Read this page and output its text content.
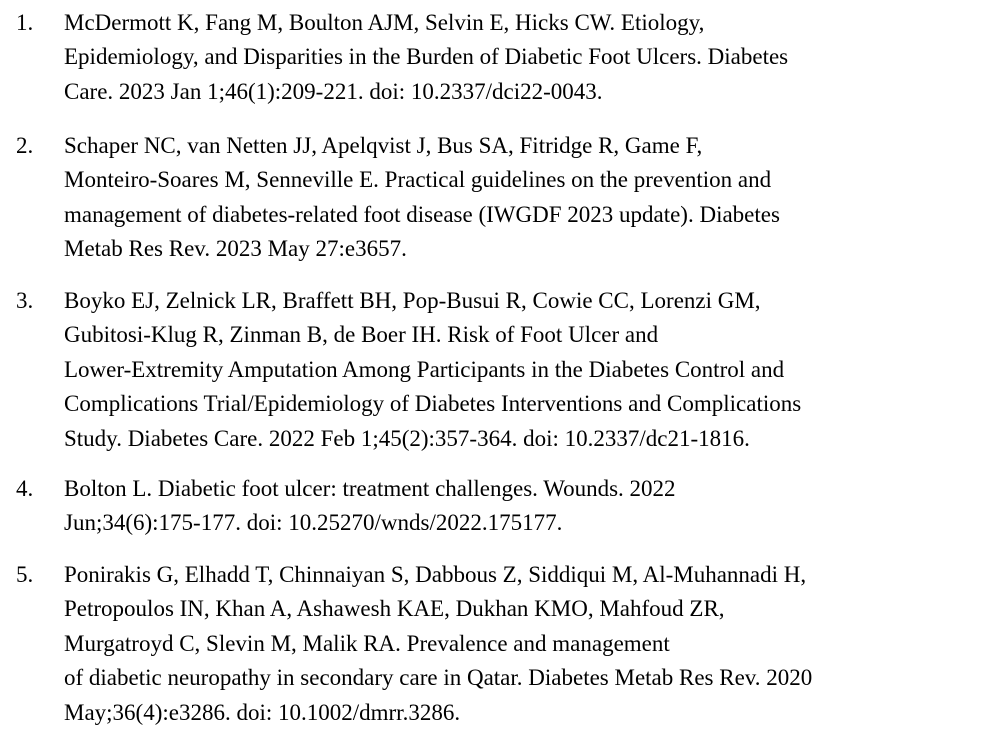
1. McDermott K, Fang M, Boulton AJM, Selvin E, Hicks CW. Etiology,
Epidemiology, and Disparities in the Burden of Diabetic Foot Ulcers. Diabetes
Care. 2023 Jan 1;46(1):209-221. doi: 10.2337/dci22-0043.
2. Schaper NC, van Netten JJ, Apelqvist J, Bus SA, Fitridge R, Game F,
Monteiro-Soares M, Senneville E. Practical guidelines on the prevention and
management of diabetes-related foot disease (IWGDF 2023 update). Diabetes
Metab Res Rev. 2023 May 27:e3657.
3. Boyko EJ, Zelnick LR, Braffett BH, Pop-Busui R, Cowie CC, Lorenzi GM,
Gubitosi-Klug R, Zinman B, de Boer IH. Risk of Foot Ulcer and
Lower-Extremity Amputation Among Participants in the Diabetes Control and
Complications Trial/Epidemiology of Diabetes Interventions and Complications
Study. Diabetes Care. 2022 Feb 1;45(2):357-364. doi: 10.2337/dc21-1816.
4. Bolton L. Diabetic foot ulcer: treatment challenges. Wounds. 2022
Jun;34(6):175-177. doi: 10.25270/wnds/2022.175177.
5. Ponirakis G, Elhadd T, Chinnaiyan S, Dabbous Z, Siddiqui M, Al-Muhannadi H,
Petropoulos IN, Khan A, Ashawesh KAE, Dukhan KMO, Mahfoud ZR,
Murgatroyd C, Slevin M, Malik RA. Prevalence and management
of diabetic neuropathy in secondary care in Qatar. Diabetes Metab Res Rev. 2020
May;36(4):e3286. doi: 10.1002/dmrr.3286.
